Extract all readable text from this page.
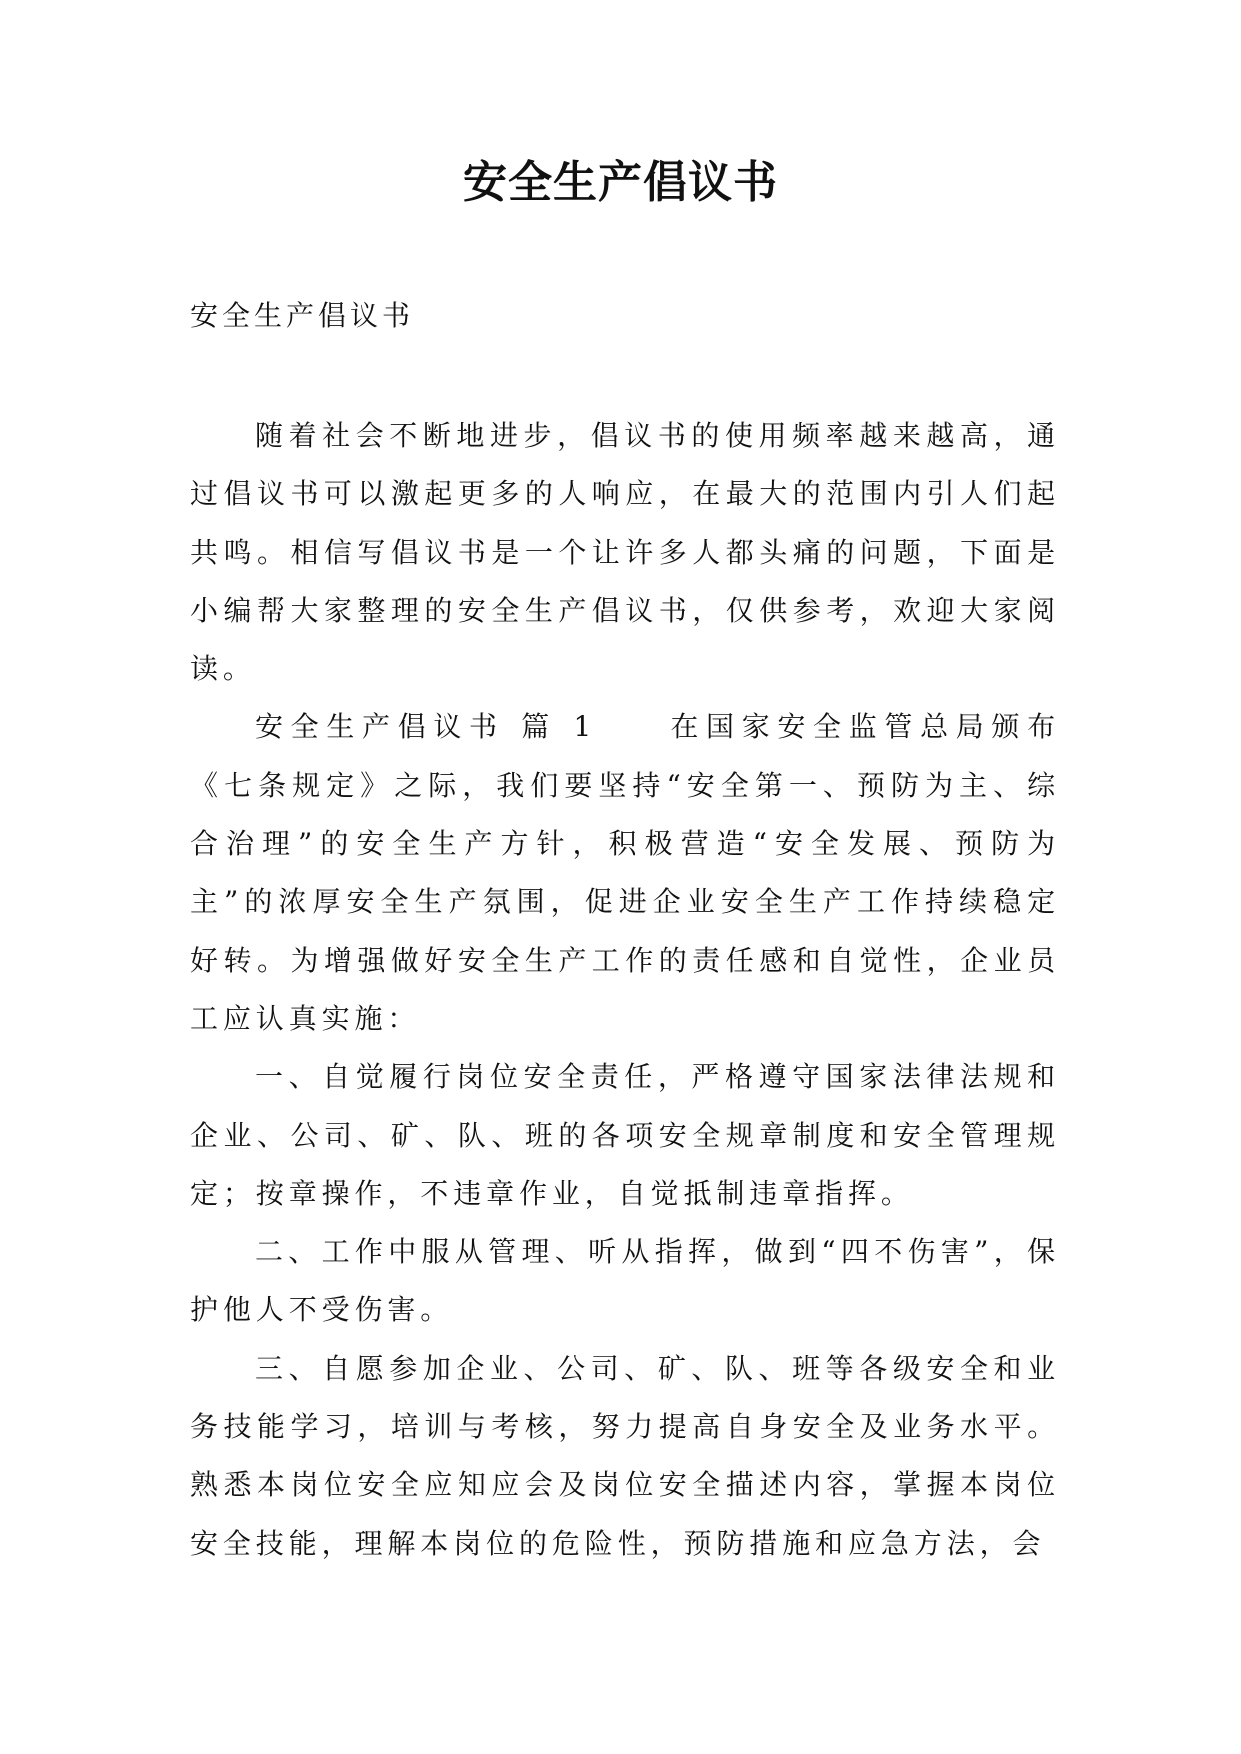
安全生产倡议书

安全生产倡议书

随着社会不断地进步，倡议书的使用频率越来越高，通过倡议书可以激起更多的人响应，在最大的范围内引人们起共鸣。相信写倡议书是一个让许多人都头痛的问题，下面是小编帮大家整理的安全生产倡议书，仅供参考，欢迎大家阅读。

安全生产倡议书 篇 1　　在国家安全监管总局颁布《七条规定》之际，我们要坚持“安全第一、预防为主、综合治理”的安全生产方针，积极营造“安全发展、预防为主”的浓厚安全生产氛围，促进企业安全生产工作持续稳定好转。为增强做好安全生产工作的责任感和自觉性，企业员工应认真实施：

一、自觉履行岗位安全责任，严格遵守国家法律法规和企业、公司、矿、队、班的各项安全规章制度和安全管理规定；按章操作，不违章作业，自觉抵制违章指挥。

二、工作中服从管理、听从指挥，做到“四不伤害”，保护他人不受伤害。

三、自愿参加企业、公司、矿、队、班等各级安全和业务技能学习，培训与考核，努力提高自身安全及业务水平。熟悉本岗位安全应知应会及岗位安全描述内容，掌握本岗位安全技能，理解本岗位的危险性，预防措施和应急方法，会
